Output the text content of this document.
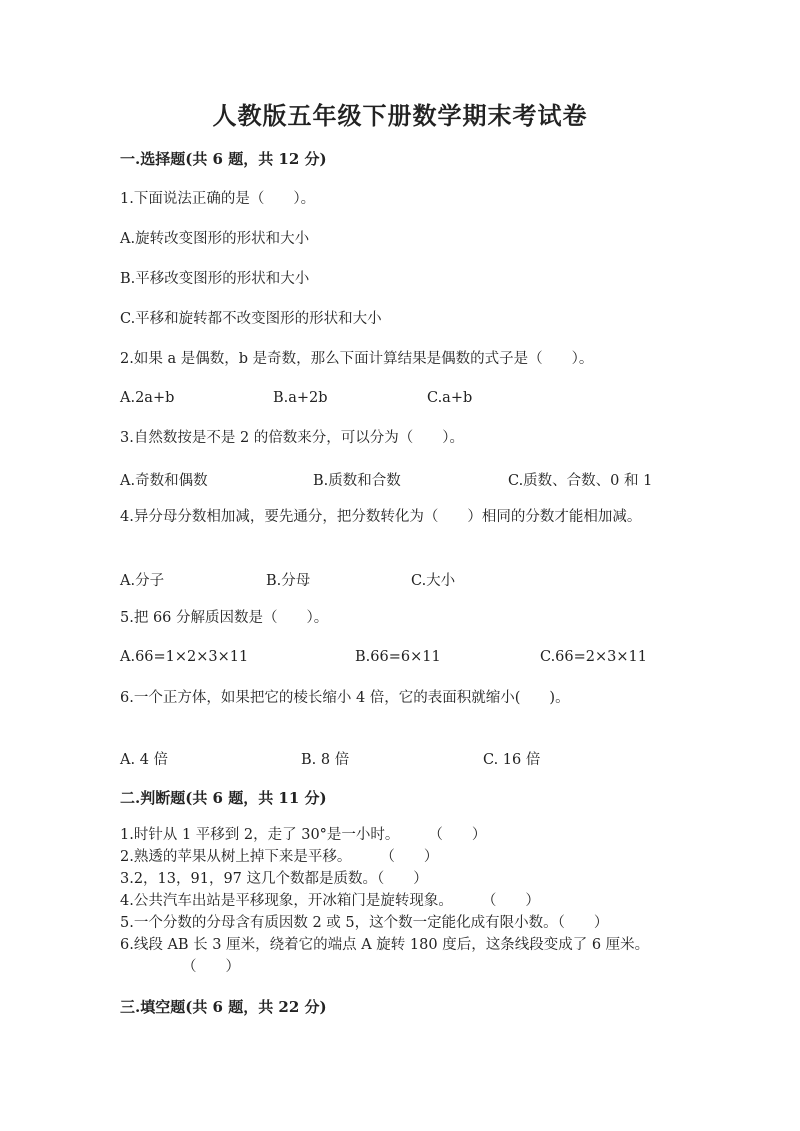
人教版五年级下册数学期末考试卷
一.选择题(共 6 题，共 12 分)
1.下面说法正确的是（　　）。
A.旋转改变图形的形状和大小
B.平移改变图形的形状和大小
C.平移和旋转都不改变图形的形状和大小
2.如果 a 是偶数，b 是奇数，那么下面计算结果是偶数的式子是（　　）。
A.2a+b	B.a+2b	C.a+b
3.自然数按是不是 2 的倍数来分，可以分为（　　）。
A.奇数和偶数	B.质数和合数	C.质数、合数、0 和 1
4.异分母分数相加减，要先通分，把分数转化为（　　）相同的分数才能相加减。
A.分子	B.分母	C.大小
5.把 66 分解质因数是（　　）。
A.66=1×2×3×11	B.66=6×11	C.66=2×3×11
6.一个正方体，如果把它的棱长缩小 4 倍，它的表面积就缩小(　　)。
A. 4 倍	B. 8 倍	C. 16 倍
二.判断题(共 6 题，共 11 分)
1.时针从 1 平移到 2，走了 30°是一小时。　　　（　　）
2.熟透的苹果从树上掉下来是平移。　　　（　　）
3.2，13，91，97 这几个数都是质数。（　　）
4.公共汽车出站是平移现象，开冰箱门是旋转现象。　　　（　　）
5.一个分数的分母含有质因数 2 或 5，这个数一定能化成有限小数。（　　）
6.线段 AB 长 3 厘米，绕着它的端点 A 旋转 180 度后，这条线段变成了 6 厘米。
（　　）
三.填空题(共 6 题，共 22 分)
